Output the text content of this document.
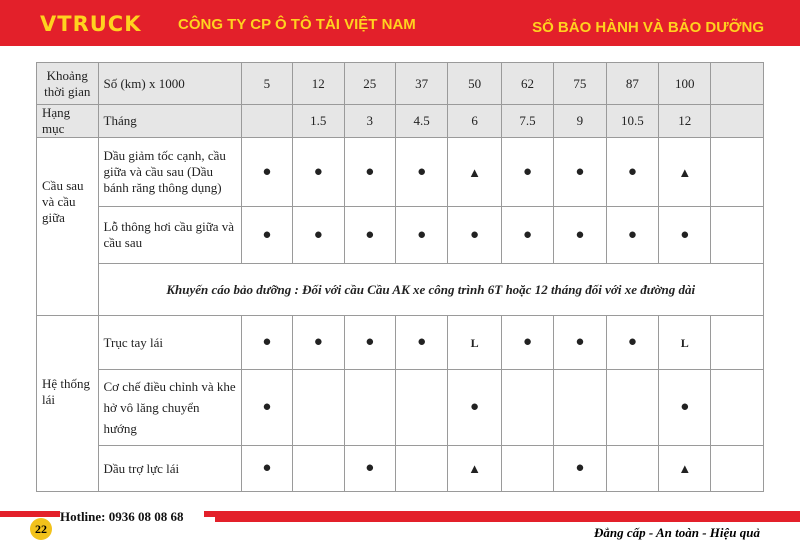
VTRUCK CÔNG TY CP Ô TÔ TẢI VIỆT NAM	SỔ BẢO HÀNH VÀ BẢO DƯỠNG
Khoảng thời gian	Số (km) x 1000	5	12	25	37	50	62	75	87	100	
Hạng mục	Tháng		1.5	3	4.5	6	7.5	9	10.5	12	
Cầu sau và cầu giữa	Dầu giảm tốc cạnh, cầu giữa và cầu sau (Dầu bánh răng thông dụng)	●	●	●	●	▲	●	●	●	▲	
	Lỗ thông hơi cầu giữa và cầu sau	●	●	●	●	●	●	●	●	●	
	Khuyến cáo bảo dưỡng : Đối với cầu Cầu AK xe công trình 6T hoặc 12 tháng đối với xe đường dài										
Hệ thống lái	Trục tay lái	●	●	●	●	L	●	●	●	L	
	Cơ chế điều chỉnh và khe hở vô lăng chuyển hướng	●				●				●	
	Dầu trợ lực lái	●		●		▲		●		▲	
Hotline: 0936 08 08 68
22	Đẳng cấp - An toàn - Hiệu quả
